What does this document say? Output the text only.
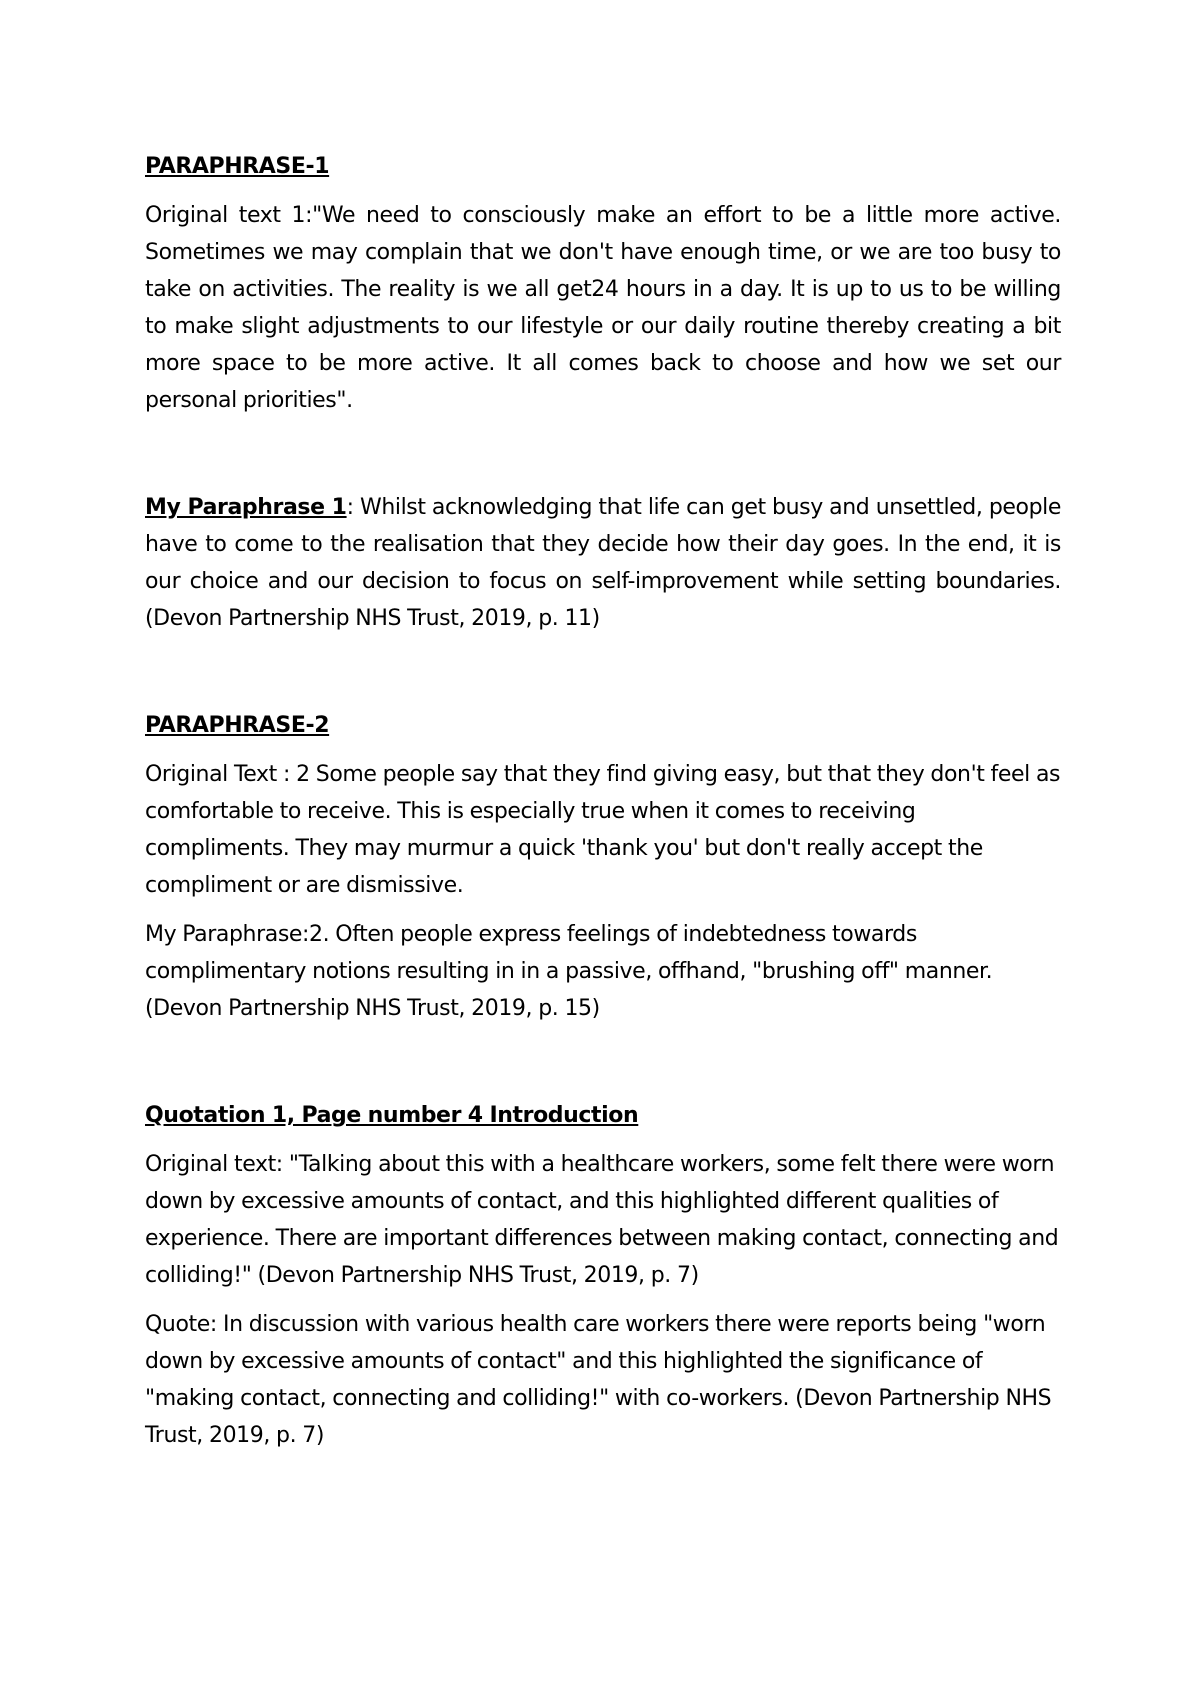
PARAPHRASE-1
Original text 1:"We need to consciously make an effort to be a little more active. Sometimes we may complain that we don't have enough time, or we are too busy to take on activities. The reality is we all get24 hours in a day. It is up to us to be willing to make slight adjustments to our lifestyle or our daily routine thereby creating a bit more space to be more active. It all comes back to choose and how we set our personal priorities".
My Paraphrase 1: Whilst acknowledging that life can get busy and unsettled, people have to come to the realisation that they decide how their day goes. In the end, it is our choice and our decision to focus on self-improvement while setting boundaries. (Devon Partnership NHS Trust, 2019, p. 11)
PARAPHRASE-2
Original Text : 2 Some people say that they find giving easy, but that they don't feel as comfortable to receive. This is especially true when it comes to receiving compliments. They may murmur a quick 'thank you' but don't really accept the compliment or are dismissive.
My Paraphrase:2. Often people express feelings of indebtedness towards complimentary notions resulting in in a passive, offhand, "brushing off" manner. (Devon Partnership NHS Trust, 2019, p. 15)
Quotation 1, Page number 4 Introduction
Original text: "Talking about this with a healthcare workers, some felt there were worn down by excessive amounts of contact, and this highlighted different qualities of experience. There are important differences between making contact, connecting and colliding!" (Devon Partnership NHS Trust, 2019, p. 7)
Quote: In discussion with various health care workers there were reports being "worn down by excessive amounts of contact" and this highlighted the significance of "making contact, connecting and colliding!" with co-workers. (Devon Partnership NHS Trust, 2019, p. 7)
